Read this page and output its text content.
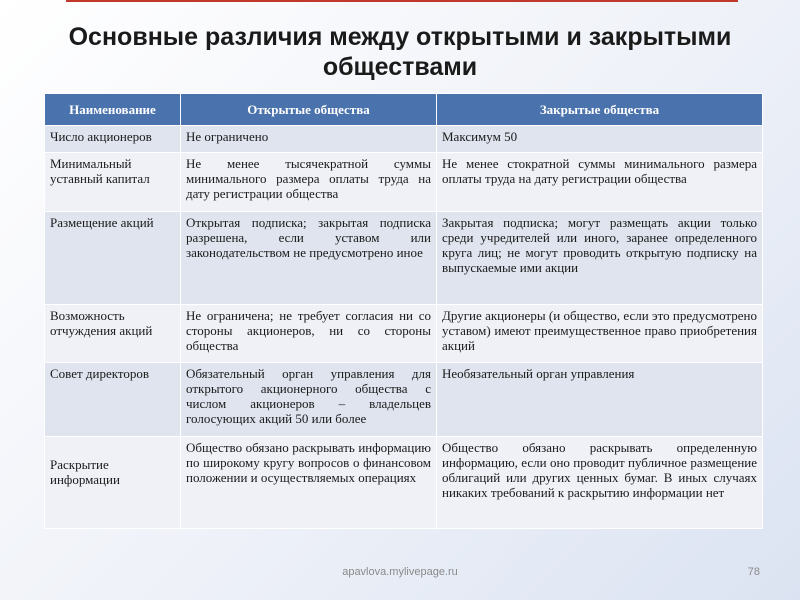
Основные различия между открытыми и закрытыми
обществами
Наименование	Открытые общества	Закрытые общества
Число акционеров	Не ограничено	Максимум 50
Минимальный уставный капитал	Не менее тысячекратной суммы минимального размера оплаты труда на дату регистрации общества	Не менее стократной суммы минимального размера оплаты труда на дату регистрации общества
Размещение акций	Открытая подписка; закрытая подписка разрешена, если уставом или законодательством не предусмотрено иное	Закрытая подписка; могут размещать акции только среди учредителей или иного, заранее определенного круга лиц; не могут проводить открытую подписку на выпускаемые ими акции
Возможность отчуждения акций	Не ограничена; не требует согласия ни со стороны акционеров, ни со стороны общества	Другие акционеры (и общество, если это предусмотрено уставом) имеют преимущественное право приобретения акций
Совет директоров	Обязательный орган управления для открытого акционерного общества с числом акционеров – владельцев голосующих акций 50 или более	Необязательный орган управления
Раскрытие информации	Общество обязано раскрывать информацию по широкому кругу вопросов о финансовом положении и осуществляемых операциях	Общество обязано раскрывать определенную информацию, если оно проводит публичное размещение облигаций или других ценных бумаг. В иных случаях никаких требований к раскрытию информации нет
apavlova.mylivepage.ru	78
